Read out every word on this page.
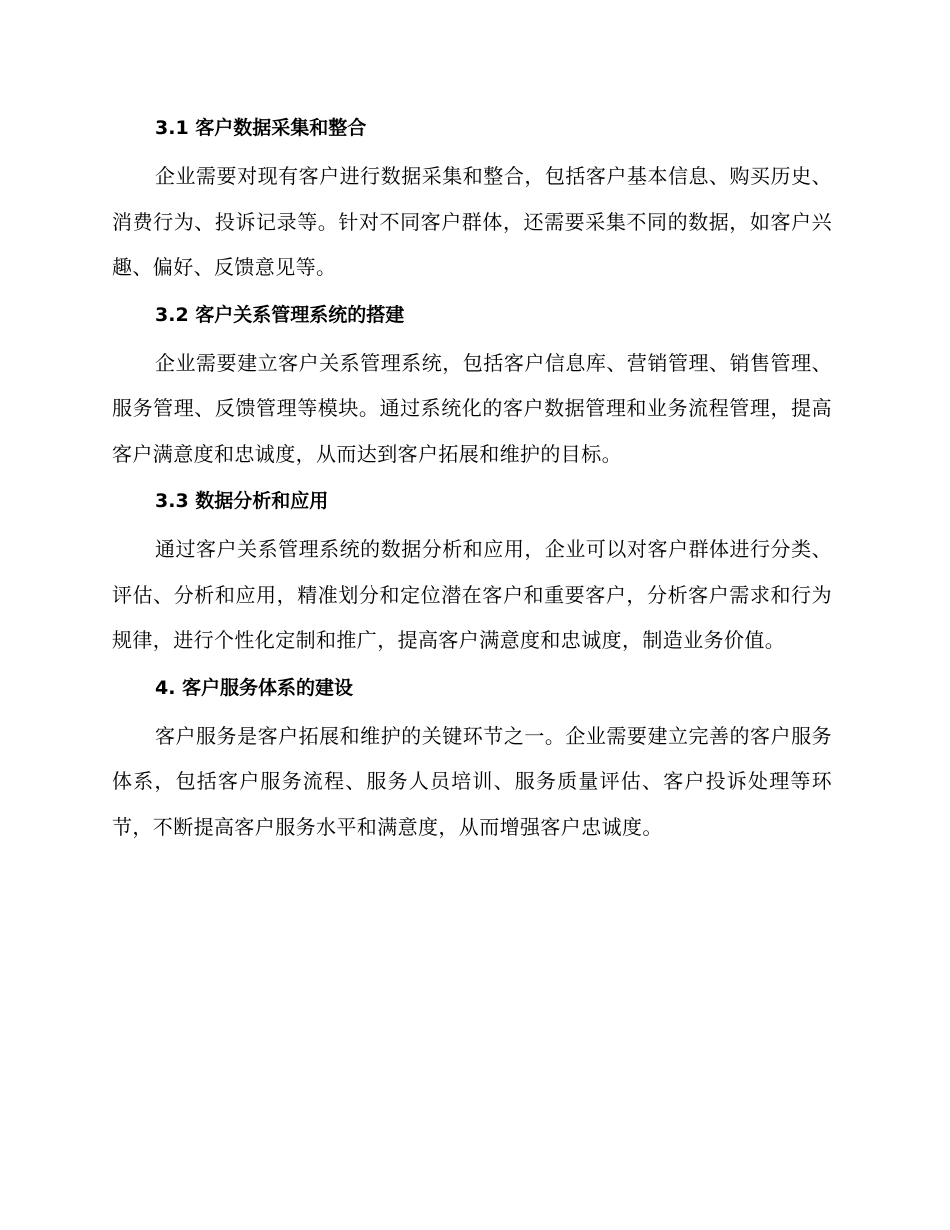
3.1 客户数据采集和整合

企业需要对现有客户进行数据采集和整合，包括客户基本信息、购买历史、消费行为、投诉记录等。针对不同客户群体，还需要采集不同的数据，如客户兴趣、偏好、反馈意见等。

3.2 客户关系管理系统的搭建

企业需要建立客户关系管理系统，包括客户信息库、营销管理、销售管理、服务管理、反馈管理等模块。通过系统化的客户数据管理和业务流程管理，提高客户满意度和忠诚度，从而达到客户拓展和维护的目标。

3.3 数据分析和应用

通过客户关系管理系统的数据分析和应用，企业可以对客户群体进行分类、评估、分析和应用，精准划分和定位潜在客户和重要客户，分析客户需求和行为规律，进行个性化定制和推广，提高客户满意度和忠诚度，制造业务价值。

4. 客户服务体系的建设

客户服务是客户拓展和维护的关键环节之一。企业需要建立完善的客户服务体系，包括客户服务流程、服务人员培训、服务质量评估、客户投诉处理等环节，不断提高客户服务水平和满意度，从而增强客户忠诚度。
